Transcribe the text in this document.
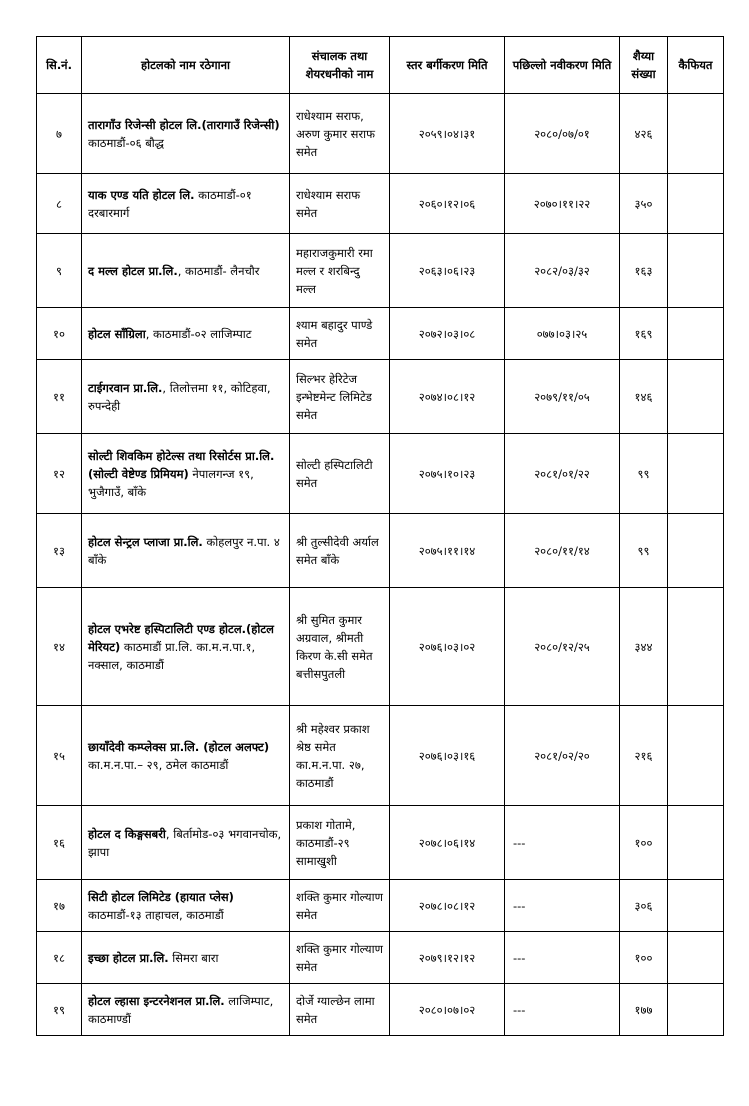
सि.नं.	होटलको नाम रठेगाना	संचालक तथा शेयरधनीको नाम	स्तर बर्गीकरण मिति	पछिल्लो नवीकरण मिति	शैय्या संख्या	कैफियत
७	तारागाँउ रिजेन्सी होटल लि.(तारागाउँ रिजेन्सी) काठमाडौं-०६ बौद्ध	राधेश्याम सराफ, अरुण कुमार सराफ समेत	२०५९।०४।३१	२०८०/०७/०१	४२६	
८	याक एण्ड यति होटल लि. काठमाडौं-०१ दरबारमार्ग	राधेश्याम सराफ समेत	२०६०।१२।०६	२०७०।११।२२	३५०	
९	द मल्ल होटल प्रा.लि., काठमाडौं- लैनचौर	महाराजकुमारी रमा मल्ल र शरबिन्दु मल्ल	२०६३।०६।२३	२०८२/०३/३२	१६३	
१०	होटल साँग्रिला, काठमाडौं-०२ लाजिम्पाट	श्याम बहादुर पाण्डे समेत	२०७२।०३।०८	०७७।०३।२५	१६९	
११	टाईगरवान प्रा.लि., तिलोत्तमा ११, कोटिहवा, रुपन्देही	सिल्भर हेरिटेज इन्भेष्टमेन्ट लिमिटेड समेत	२०७४।०८।१२	२०७९/११/०५	१४६	
१२	सोल्टी शिवकिम होटेल्स तथा रिसोर्टस प्रा.लि.(सोल्टी वेष्टेण्ड प्रिमियम) नेपालगन्ज १९, भुजैगाउँ, बाँके	सोल्टी हस्पिटालिटी समेत	२०७५।१०।२३	२०८१/०१/२२	९९	
१३	होटल सेन्ट्रल प्लाजा प्रा.लि. कोहलपुर न.पा. ४ बाँके	श्री तुल्सीदेवी अर्याल समेत बाँके	२०७५।११।१४	२०८०/११/१४	९९	
१४	होटल एभरेष्ट हस्पिटालिटी एण्ड होटल.(होटल मेरियट) काठमाडौं प्रा.लि. का.म.न.पा.१, नक्साल, काठमाडौं	श्री सुमित कुमार अग्रवाल, श्रीमती किरण के.सी समेत बत्तीसपुतली	२०७६।०३।०२	२०८०/१२/२५	३४४	
१५	छायाँदेवी कम्प्लेक्स प्रा.लि. (होटल अलफ्ट) का.म.न.पा.– २९, ठमेल काठमाडौं	श्री महेश्वर प्रकाश श्रेष्ठ समेत का.म.न.पा. २७, काठमाडौं	२०७६।०३।१६	२०८१/०२/२०	२१६	
१६	होटल द किङ्गसबरी, बिर्तामोड-०३ भगवानचोक, झापा	प्रकाश गोतामे, काठमाडौं-२९ सामाखुशी	२०७८।०६।१४	---	१००	
१७	सिटी होटल लिमिटेड (हायात प्लेस) काठमाडौं-१३ ताहाचल, काठमाडौं	शक्ति कुमार गोल्याण समेत	२०७८।०८।१२	---	३०६	
१८	इच्छा होटल प्रा.लि. सिमरा बारा	शक्ति कुमार गोल्याण समेत	२०७९।१२।१२	---	१००	
१९	होटल ल्हासा इन्टरनेशनल प्रा.लि. लाजिम्पाट, काठमाण्डौं	दोर्जे ग्याल्छेन लामा समेत	२०८०।०७।०२	---	१७७	
